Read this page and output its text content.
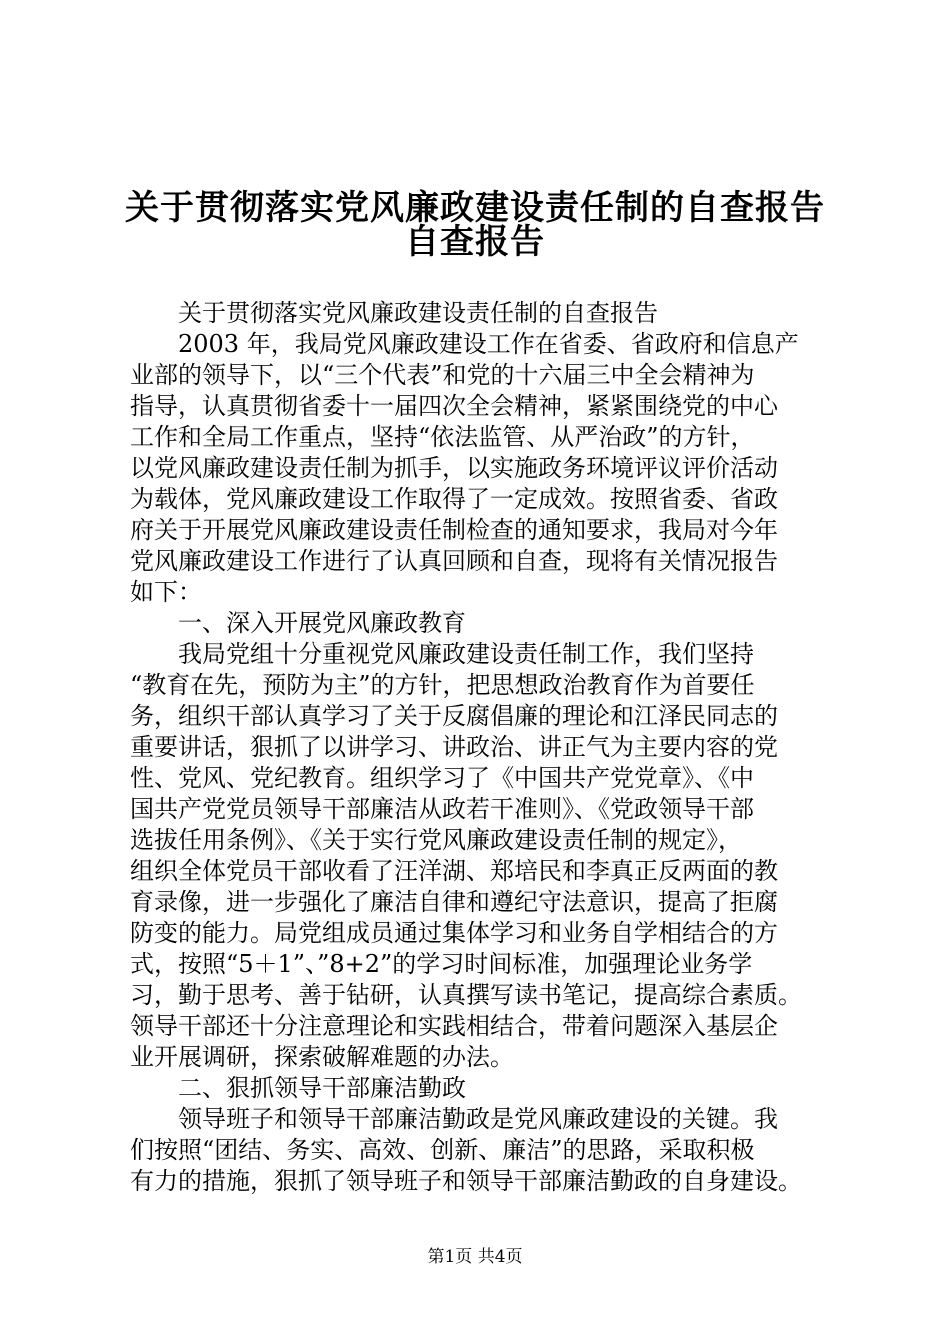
关于贯彻落实党风廉政建设责任制的自查报告
自查报告
关于贯彻落实党风廉政建设责任制的自查报告
2003 年，我局党风廉政建设工作在省委、省政府和信息产
业部的领导下，以“三个代表”和党的十六届三中全会精神为
指导，认真贯彻省委十一届四次全会精神，紧紧围绕党的中心
工作和全局工作重点，坚持“依法监管、从严治政”的方针，
以党风廉政建设责任制为抓手，以实施政务环境评议评价活动
为载体，党风廉政建设工作取得了一定成效。按照省委、省政
府关于开展党风廉政建设责任制检查的通知要求，我局对今年
党风廉政建设工作进行了认真回顾和自查，现将有关情况报告
如下：
一、深入开展党风廉政教育
我局党组十分重视党风廉政建设责任制工作，我们坚持
“教育在先，预防为主”的方针，把思想政治教育作为首要任
务，组织干部认真学习了关于反腐倡廉的理论和江泽民同志的
重要讲话，狠抓了以讲学习、讲政治、讲正气为主要内容的党
性、党风、党纪教育。组织学习了《中国共产党党章》、《中
国共产党党员领导干部廉洁从政若干准则》、《党政领导干部
选拔任用条例》、《关于实行党风廉政建设责任制的规定》，
组织全体党员干部收看了汪洋湖、郑培民和李真正反两面的教
育录像，进一步强化了廉洁自律和遵纪守法意识，提高了拒腐
防变的能力。局党组成员通过集体学习和业务自学相结合的方
式，按照“5＋1”、”8+2”的学习时间标准，加强理论业务学
习，勤于思考、善于钻研，认真撰写读书笔记，提高综合素质。
领导干部还十分注意理论和实践相结合，带着问题深入基层企
业开展调研，探索破解难题的办法。
二、狠抓领导干部廉洁勤政
领导班子和领导干部廉洁勤政是党风廉政建设的关键。我
们按照“团结、务实、高效、创新、廉洁”的思路，采取积极
有力的措施，狠抓了领导班子和领导干部廉洁勤政的自身建设。
第1页 共4页
